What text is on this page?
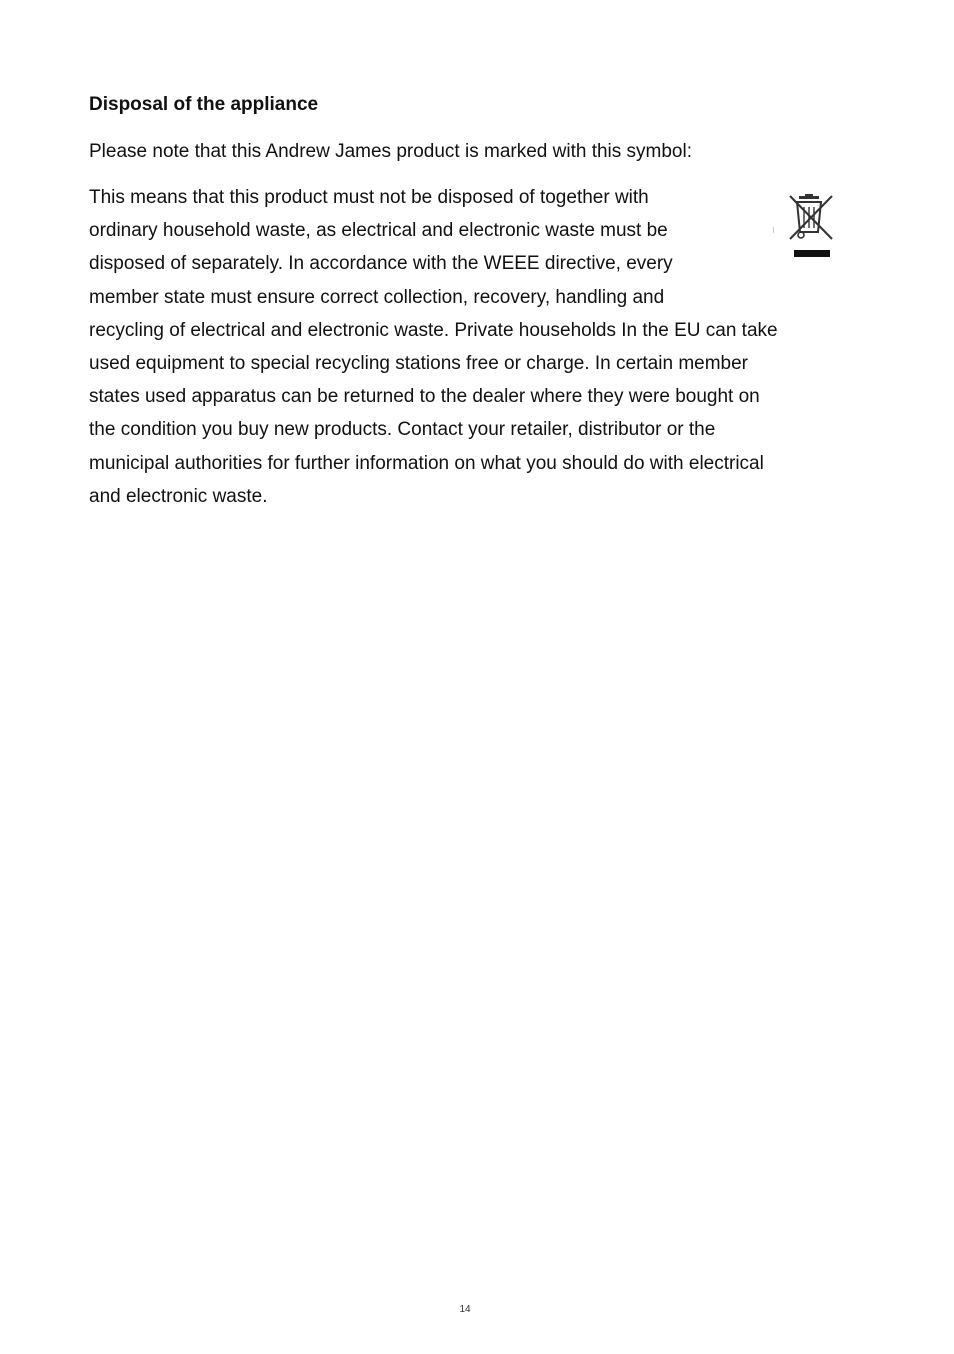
Disposal of the appliance

Please note that this Andrew James product is marked with this symbol:

This means that this product must not be disposed of together with
ordinary household waste, as electrical and electronic waste must be
disposed of separately. In accordance with the WEEE directive, every
member state must ensure correct collection, recovery, handling and
recycling of electrical and electronic waste. Private households In the EU can take
used equipment to special recycling stations free or charge. In certain member
states used apparatus can be returned to the dealer where they were bought on
the condition you buy new products. Contact your retailer, distributor or the
municipal authorities for further information on what you should do with electrical
and electronic waste.
14
